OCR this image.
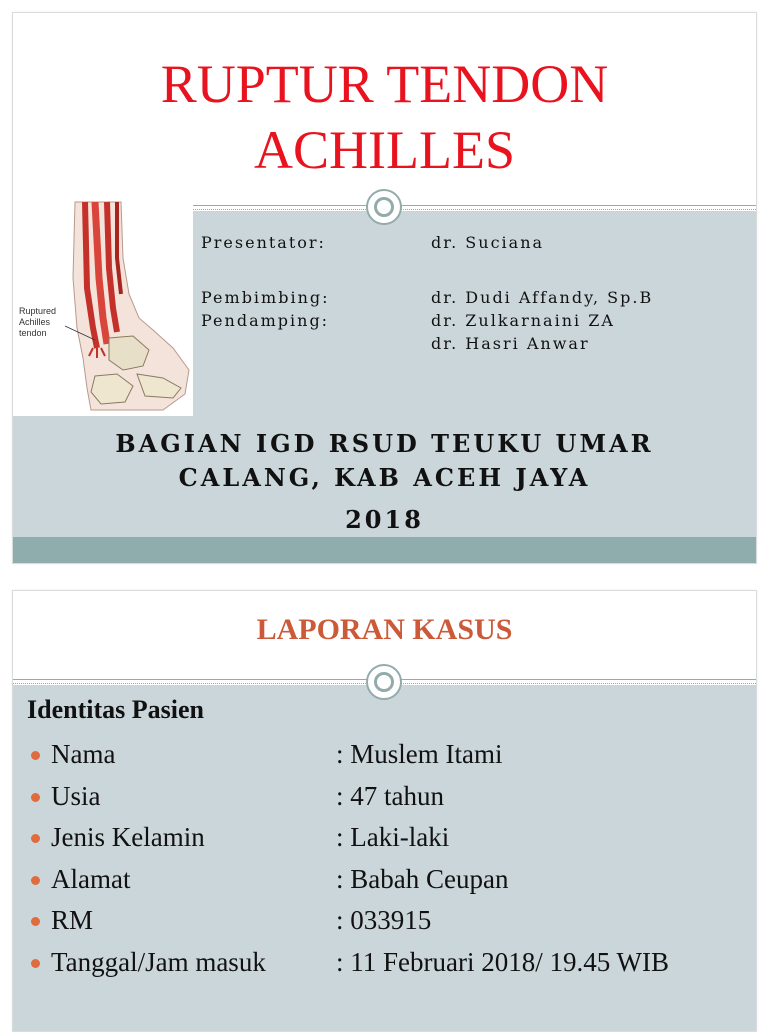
RUPTUR TENDON
ACHILLES
Ruptured Achilles tendon
Presentator:	dr. Suciana
Pembimbing:	dr. Dudi Affandy, Sp.B
Pendamping:	dr. Zulkarnaini ZA
dr. Hasri Anwar
BAGIAN IGD RSUD TEUKU UMAR
CALANG, KAB ACEH JAYA
2018
LAPORAN KASUS
Identitas Pasien
Nama	: Muslem Itami
Usia	: 47 tahun
Jenis Kelamin	: Laki-laki
Alamat	: Babah Ceupan
RM	: 033915
Tanggal/Jam masuk	: 11 Februari 2018/ 19.45 WIB
